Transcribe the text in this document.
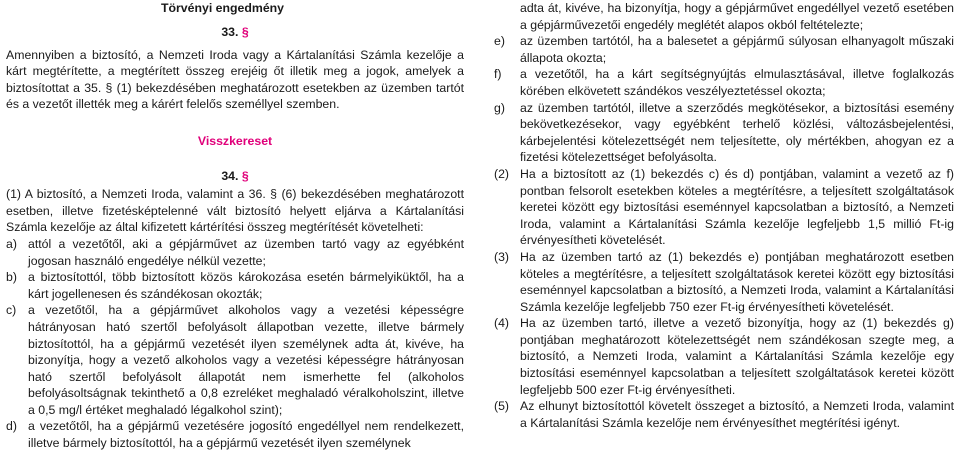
Törvényi engedmény
33. §

Amennyiben a biztosító, a Nemzeti Iroda vagy a Kártalanítási Számla kezelője a kárt megtérítette, a megtérített összeg erejéig őt illetik meg a jogok, amelyek a biztosítottat a 35. § (1) bekezdésében meghatározott esetekben az üzemben tartót és a vezetőt illették meg a kárért felelős személlyel szemben.

Visszkereset
34. §

(1) A biztosító, a Nemzeti Iroda, valamint a 36. § (6) bekezdésében meghatározott esetben, illetve fizetésképtelenné vált biztosító helyett eljárva a Kártalanítási Számla kezelője az által kifizetett kártérítési összeg megtérítését követelheti:

a) attól a vezetőtől, aki a gépjárművet az üzemben tartó vagy az egyébként jogosan használó engedélye nélkül vezette;
b) a biztosítottól, több biztosított közös károkozása esetén bármelyiküktől, ha a kárt jogellenesen és szándékosan okozták;
c) a vezetőtől, ha a gépjárművet alkoholos vagy a vezetési képességre hátrányosan ható szertől befolyásolt állapotban vezette, illetve bármely biztosítottól, ha a gépjármű vezetését ilyen személynek adta át, kivéve, ha bizonyítja, hogy a vezető alkoholos vagy a vezetési képességre hátrányosan ható szertől befolyásolt állapotát nem ismerhette fel (alkoholos befolyásoltságnak tekinthető a 0,8 ezreléket meghaladó véralkoholszint, illetve a 0,5 mg/l értéket meghaladó légalkohol szint);
d) a vezetőtől, ha a gépjármű vezetésére jogosító engedéllyel nem rendelkezett, illetve bármely biztosítottól, ha a gépjármű vezetését ilyen személynek

adta át, kivéve, ha bizonyítja, hogy a gépjárművet engedéllyel vezető esetében a gépjárművezetői engedély meglétét alapos okból feltételezte;

e)	az üzemben tartótól, ha a balesetet a gépjármű súlyosan elhanyagolt műszaki állapota okozta;
f)	a vezetőtől, ha a kárt segítségnyújtás elmulasztásával, illetve foglalkozás körében elkövetett szándékos veszélyeztetéssel okozta;
g)	az üzemben tartótól, illetve a szerződés megkötésekor, a biztosítási esemény bekövetkezésekor, vagy egyébként terhelő közlési, változásbejelentési, kárbejelentési kötelezettségét nem teljesítette, oly mértékben, ahogyan ez a fizetési kötelezettséget befolyásolta.
(2) Ha a biztosított az (1) bekezdés c) és d) pontjában, valamint a vezető az f) pontban felsorolt esetekben köteles a megtérítésre, a teljesített szolgáltatások keretei között egy biztosítási eseménnyel kapcsolatban a biztosító, a Nemzeti Iroda, valamint a Kártalanítási Számla kezelője legfeljebb 1,5 millió Ft-ig érvényesítheti követelését.
(3) Ha az üzemben tartó az (1) bekezdés e) pontjában meghatározott esetben köteles a megtérítésre, a teljesített szolgáltatások keretei között egy biztosítási eseménnyel kapcsolatban a biztosító, a Nemzeti Iroda, valamint a Kártalanítási Számla kezelője legfeljebb 750 ezer Ft-ig érvényesítheti követelését.
(4) Ha az üzemben tartó, illetve a vezető bizonyítja, hogy az (1) bekezdés g) pontjában meghatározott kötelezettségét nem szándékosan szegte meg, a biztosító, a Nemzeti Iroda, valamint a Kártalanítási Számla kezelője egy biztosítási eseménnyel kapcsolatban a teljesített szolgáltatások keretei között legfeljebb 500 ezer Ft-ig érvényesítheti.
(5) Az elhunyt biztosítottól követelt összeget a biztosító, a Nemzeti Iroda, valamint a Kártalanítási Számla kezelője nem érvényesíthet megtérítési igényt.
